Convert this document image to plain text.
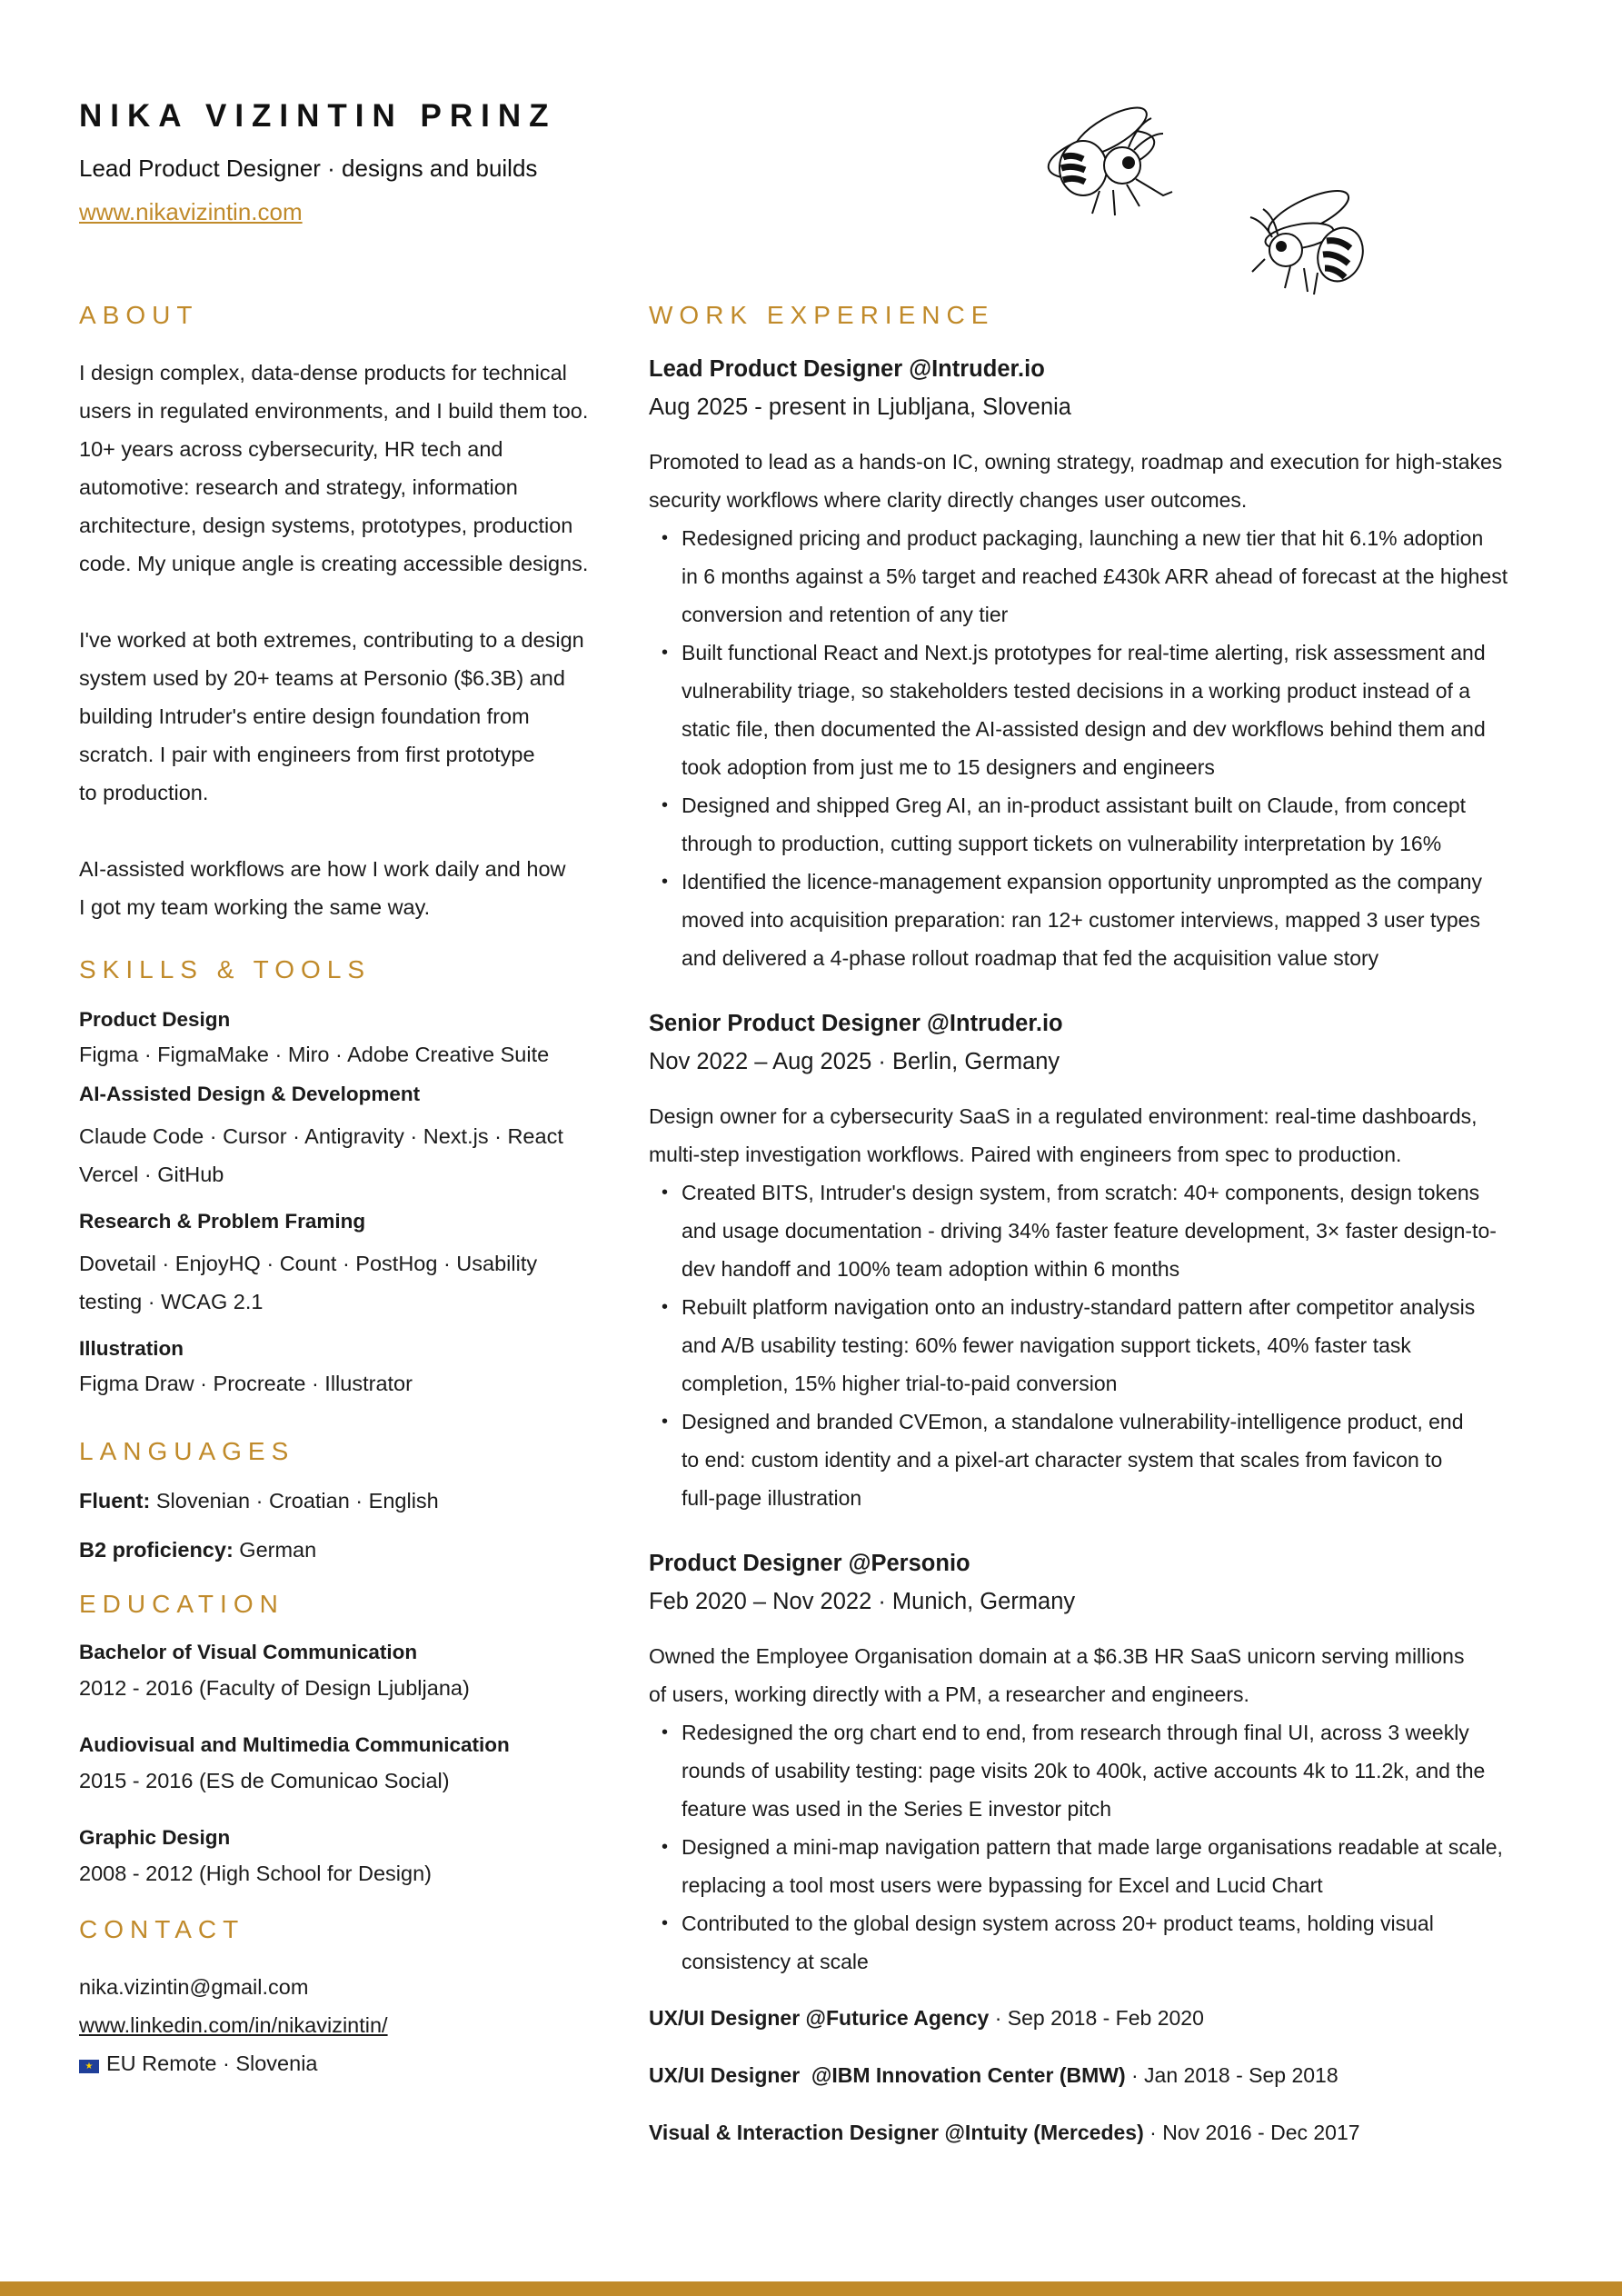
NIKA VIZINTIN PRINZ
Lead Product Designer · designs and builds
www.nikavizintin.com
ABOUT

I design complex, data-dense products for technical
users in regulated environments, and I build them too.
10+ years across cybersecurity, HR tech and
automotive: research and strategy, information
architecture, design systems, prototypes, production
code. My unique angle is creating accessible designs.

I've worked at both extremes, contributing to a design
system used by 20+ teams at Personio ($6.3B) and
building Intruder's entire design foundation from
scratch. I pair with engineers from first prototype
to production.

AI-assisted workflows are how I work daily and how
I got my team working the same way.

SKILLS & TOOLS
Product Design
Figma · FigmaMake · Miro · Adobe Creative Suite
AI-Assisted Design & Development
Claude Code · Cursor · Antigravity · Next.js · React
Vercel · GitHub
Research & Problem Framing
Dovetail · EnjoyHQ · Count · PostHog · Usability
testing · WCAG 2.1
Illustration
Figma Draw · Procreate · Illustrator
LANGUAGES
Fluent: Slovenian · Croatian · English
B2 proficiency: German
EDUCATION
Bachelor of Visual Communication
2012 - 2016 (Faculty of Design Ljubljana)
Audiovisual and Multimedia Communication
2015 - 2016 (ES de Comunicao Social)
Graphic Design
2008 - 2012 (High School for Design)
CONTACT
nika.vizintin@gmail.com
www.linkedin.com/in/nikavizintin/
★ EU Remote · Slovenia
WORK EXPERIENCE
Lead Product Designer @Intruder.io
Aug 2025 - present in Ljubljana, Slovenia
Promoted to lead as a hands-on IC, owning strategy, roadmap and execution for high-stakes
security workflows where clarity directly changes user outcomes.
• Redesigned pricing and product packaging, launching a new tier that hit 6.1% adoption
in 6 months against a 5% target and reached £430k ARR ahead of forecast at the highest
conversion and retention of any tier
• Built functional React and Next.js prototypes for real-time alerting, risk assessment and
vulnerability triage, so stakeholders tested decisions in a working product instead of a
static file, then documented the AI-assisted design and dev workflows behind them and
took adoption from just me to 15 designers and engineers
• Designed and shipped Greg AI, an in-product assistant built on Claude, from concept
through to production, cutting support tickets on vulnerability interpretation by 16%
• Identified the licence-management expansion opportunity unprompted as the company
moved into acquisition preparation: ran 12+ customer interviews, mapped 3 user types
and delivered a 4-phase rollout roadmap that fed the acquisition value story
Senior Product Designer @Intruder.io
Nov 2022 – Aug 2025 · Berlin, Germany
Design owner for a cybersecurity SaaS in a regulated environment: real-time dashboards,
multi-step investigation workflows. Paired with engineers from spec to production.
• Created BITS, Intruder's design system, from scratch: 40+ components, design tokens
and usage documentation - driving 34% faster feature development, 3× faster design-to-
dev handoff and 100% team adoption within 6 months
• Rebuilt platform navigation onto an industry-standard pattern after competitor analysis
and A/B usability testing: 60% fewer navigation support tickets, 40% faster task
completion, 15% higher trial-to-paid conversion
• Designed and branded CVEmon, a standalone vulnerability-intelligence product, end
to end: custom identity and a pixel-art character system that scales from favicon to
full-page illustration
Product Designer @Personio
Feb 2020 – Nov 2022 · Munich, Germany
Owned the Employee Organisation domain at a $6.3B HR SaaS unicorn serving millions
of users, working directly with a PM, a researcher and engineers.
• Redesigned the org chart end to end, from research through final UI, across 3 weekly
rounds of usability testing: page visits 20k to 400k, active accounts 4k to 11.2k, and the
feature was used in the Series E investor pitch
• Designed a mini-map navigation pattern that made large organisations readable at scale,
replacing a tool most users were bypassing for Excel and Lucid Chart
• Contributed to the global design system across 20+ product teams, holding visual
consistency at scale
UX/UI Designer @Futurice Agency · Sep 2018 - Feb 2020
UX/UI Designer  @IBM Innovation Center (BMW) · Jan 2018 - Sep 2018
Visual & Interaction Designer @Intuity (Mercedes) · Nov 2016 - Dec 2017
